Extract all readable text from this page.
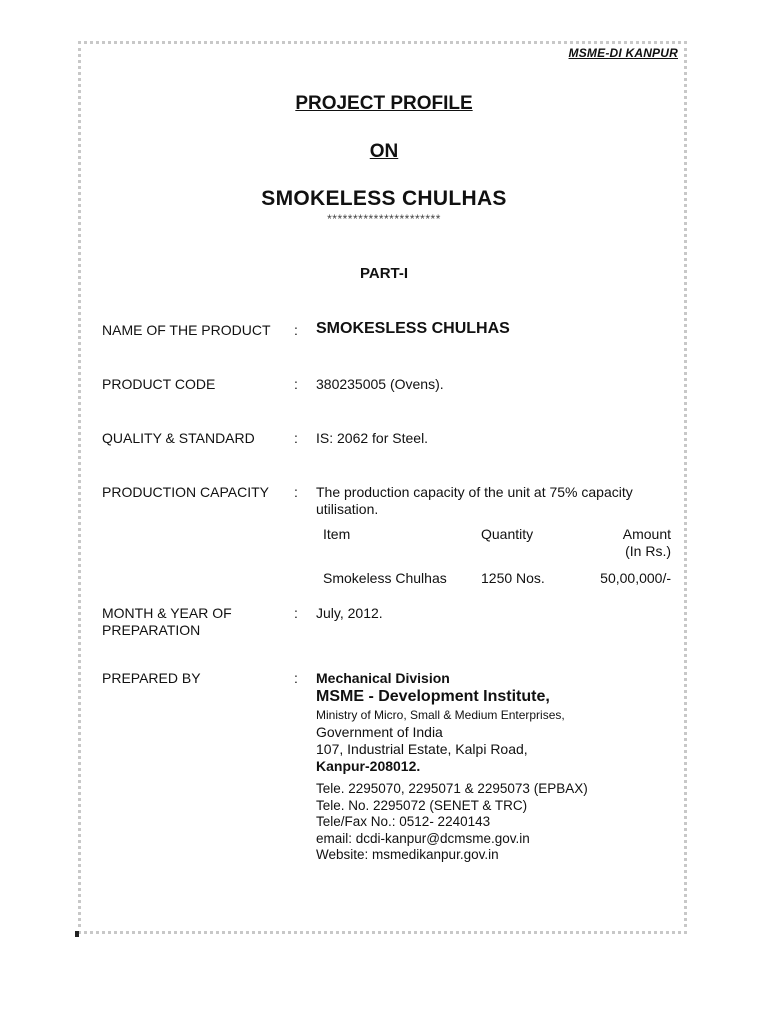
MSME-DI KANPUR
PROJECT PROFILE
ON
SMOKELESS CHULHAS
**********************
PART-I
NAME OF THE PRODUCT : SMOKESLESS CHULHAS
PRODUCT CODE	: 380235005 (Ovens).
QUALITY & STANDARD	: IS: 2062 for Steel.
PRODUCTION CAPACITY : The production capacity of the unit at 75% capacity
utilisation.
Item	Quantity	Amount
(In Rs.)
Smokeless Chulhas 1250 Nos.	50,00,000/-
MONTH & YEAR OF
PREPARATION
: July, 2012.
PREPARED BY	: Mechanical Division
MSME - Development Institute,
Ministry of Micro, Small & Medium Enterprises,
Government of India
107, Industrial Estate, Kalpi Road,
Kanpur-208012.
Tele. 2295070, 2295071 & 2295073 (EPBAX)
Tele. No. 2295072 (SENET & TRC)
Tele/Fax No.: 0512- 2240143
email: dcdi-kanpur@dcmsme.gov.in
Website: msmedikanpur.gov.in
